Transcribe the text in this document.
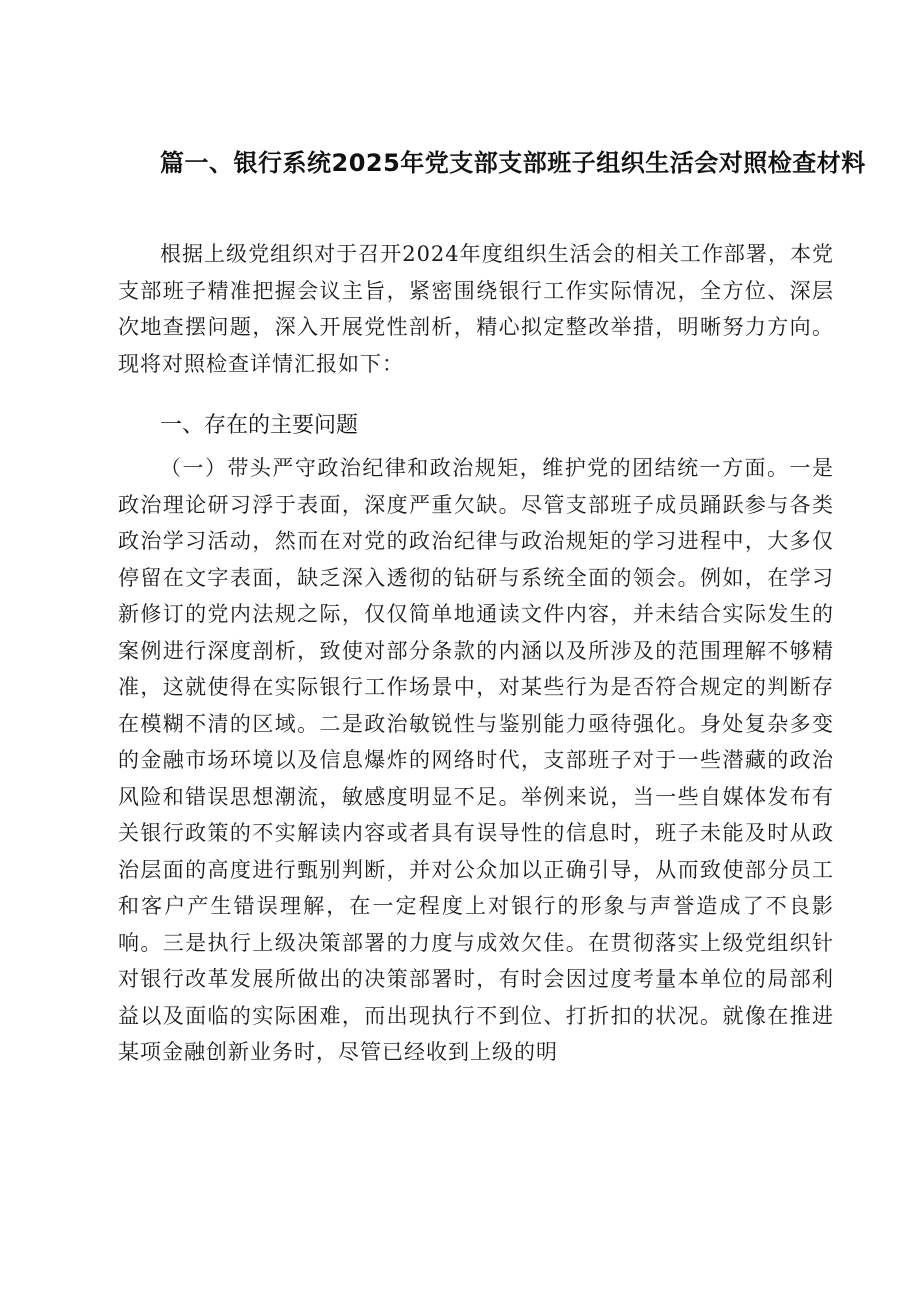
篇一、银行系统2025年党支部支部班子组织生活会对照检查材料

根据上级党组织对于召开2024年度组织生活会的相关工作部署，本党支部班子精准把握会议主旨，紧密围绕银行工作实际情况，全方位、深层次地查摆问题，深入开展党性剖析，精心拟定整改举措，明晰努力方向。现将对照检查详情汇报如下：

一、存在的主要问题

（一）带头严守政治纪律和政治规矩，维护党的团结统一方面。一是政治理论研习浮于表面，深度严重欠缺。尽管支部班子成员踊跃参与各类政治学习活动，然而在对党的政治纪律与政治规矩的学习进程中，大多仅停留在文字表面，缺乏深入透彻的钻研与系统全面的领会。例如，在学习新修订的党内法规之际，仅仅简单地通读文件内容，并未结合实际发生的案例进行深度剖析，致使对部分条款的内涵以及所涉及的范围理解不够精准，这就使得在实际银行工作场景中，对某些行为是否符合规定的判断存在模糊不清的区域。二是政治敏锐性与鉴别能力亟待强化。身处复杂多变的金融市场环境以及信息爆炸的网络时代，支部班子对于一些潜藏的政治风险和错误思想潮流，敏感度明显不足。举例来说，当一些自媒体发布有关银行政策的不实解读内容或者具有误导性的信息时，班子未能及时从政治层面的高度进行甄别判断，并对公众加以正确引导，从而致使部分员工和客户产生错误理解，在一定程度上对银行的形象与声誉造成了不良影响。三是执行上级决策部署的力度与成效欠佳。在贯彻落实上级党组织针对银行改革发展所做出的决策部署时，有时会因过度考量本单位的局部利益以及面临的实际困难，而出现执行不到位、打折扣的状况。就像在推进某项金融创新业务时，尽管已经收到上级的明
